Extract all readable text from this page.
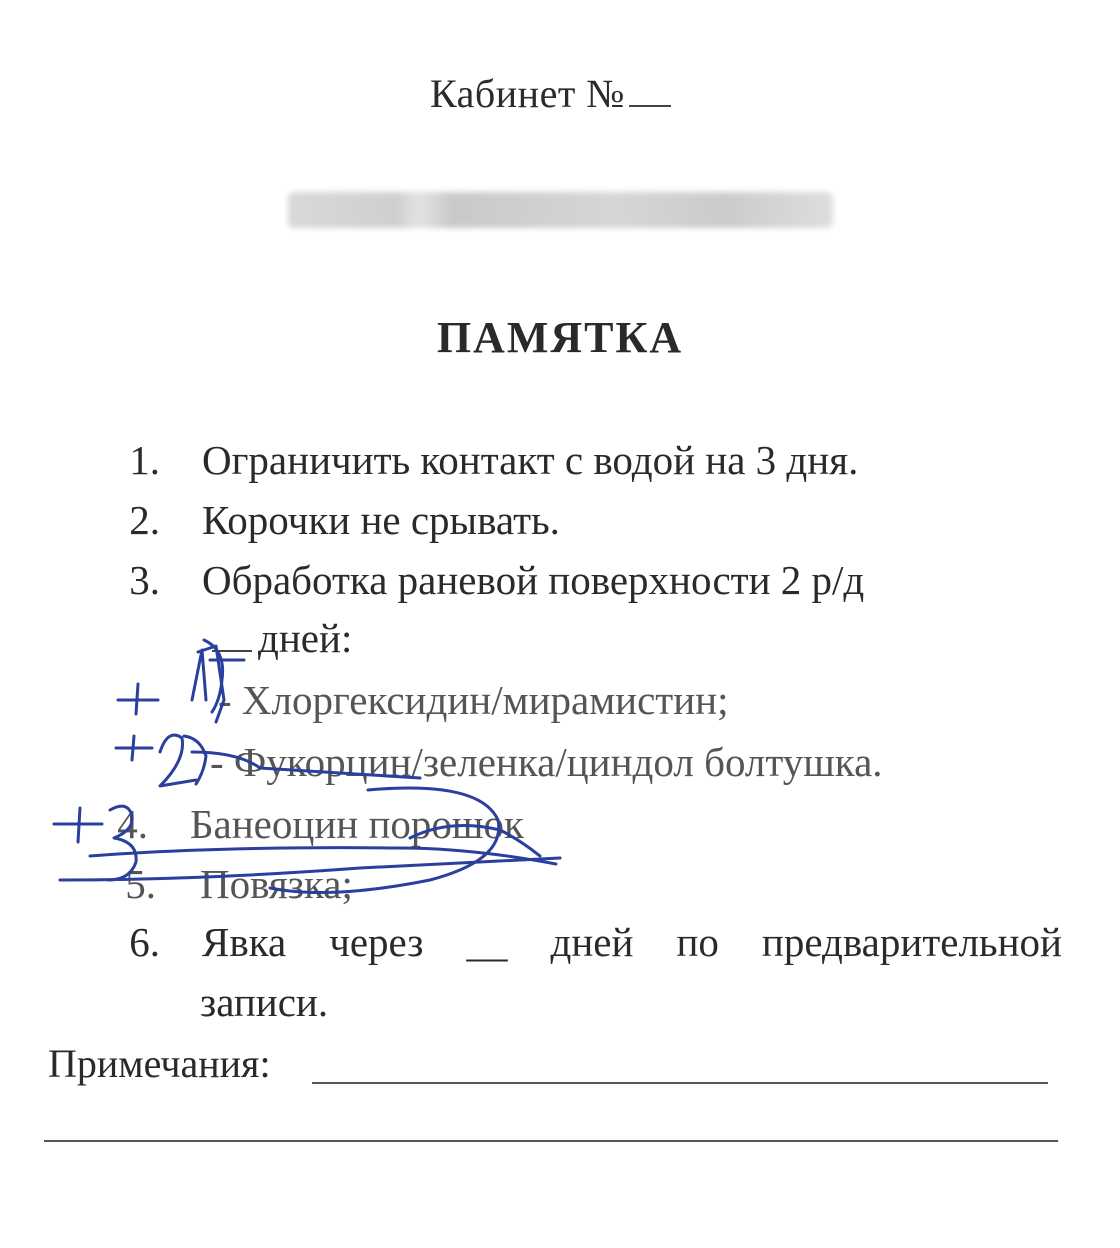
Кабинет №
ПАМЯТКА
1. Ограничить контакт с водой на 3 дня.
2. Корочки не срывать.
3. Обработка раневой поверхности 2 р/д
дней:
- Хлоргексидин/мирамистин;
- Фукорцин/зеленка/циндол болтушка.
4. Банеоцин порошок
5. Повязка;
6. Явка через __ дней по предварительной
записи.
Примечания:
